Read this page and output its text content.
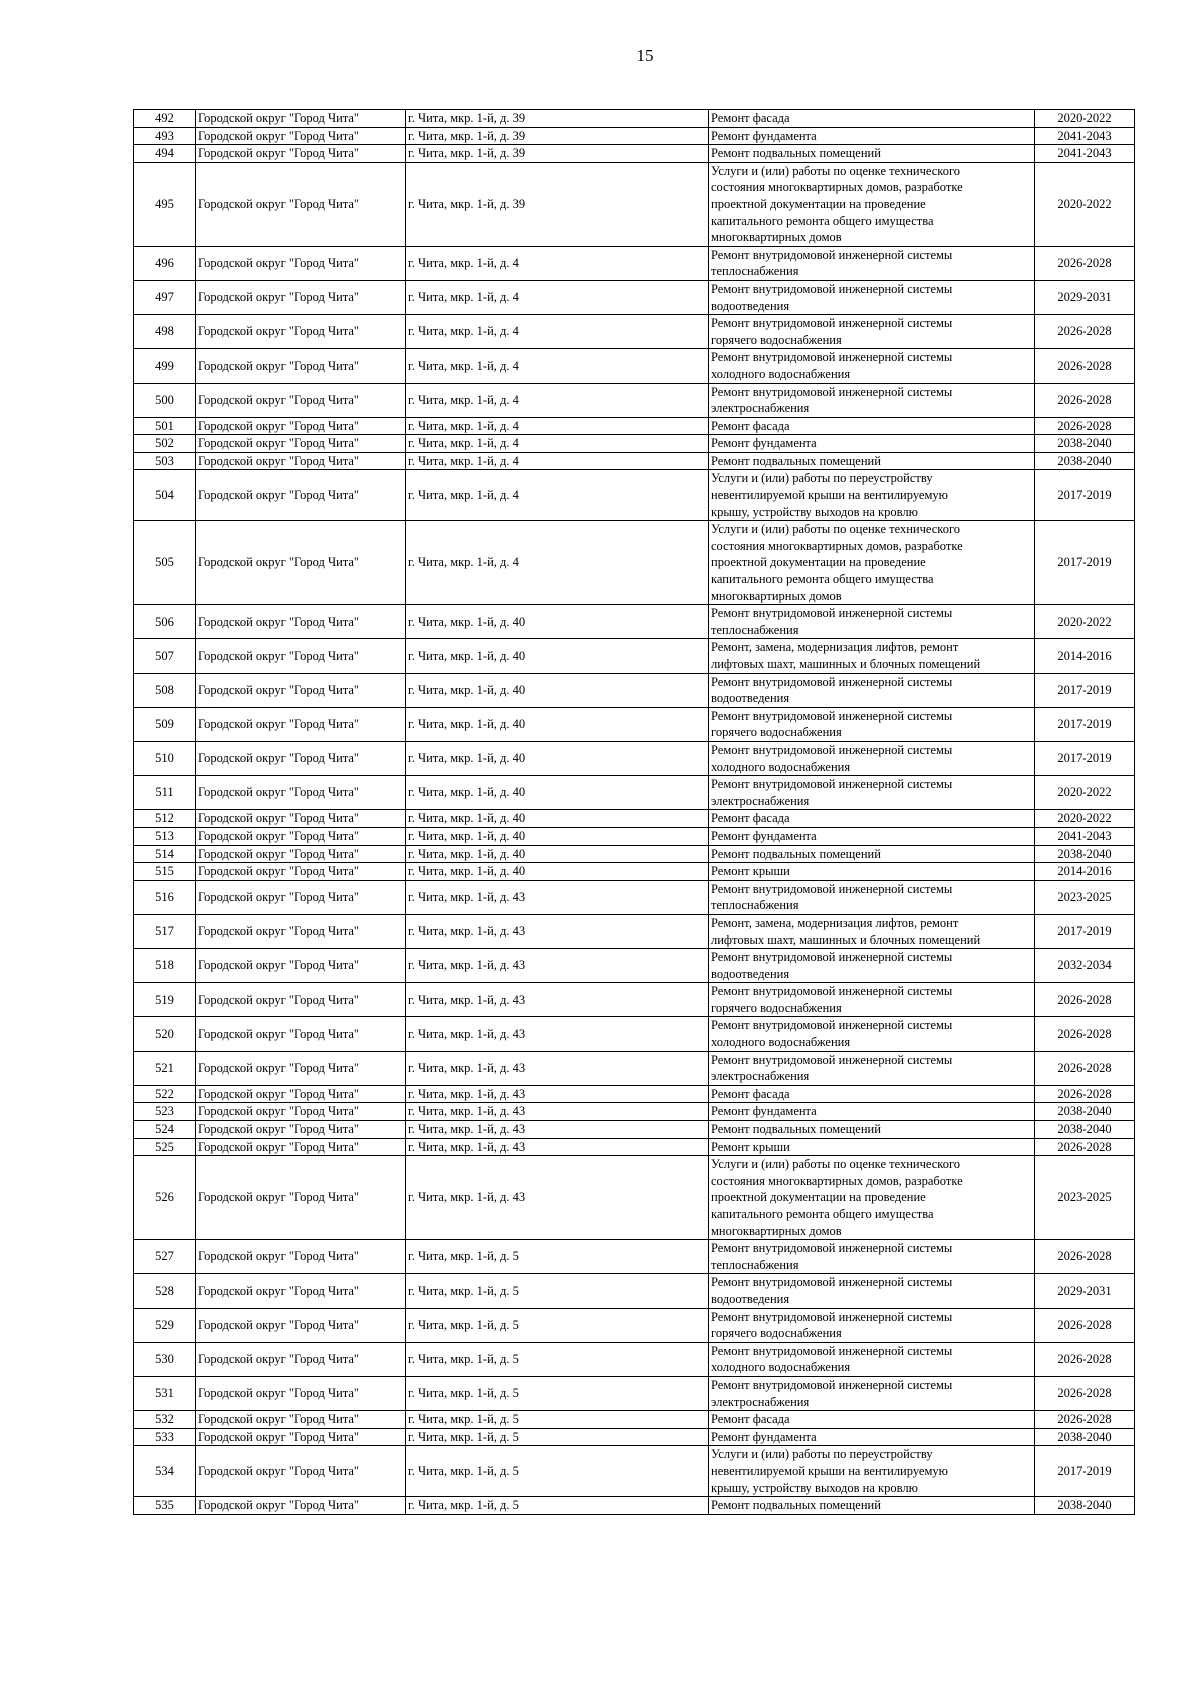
15
492	Городской округ "Город Чита"	г. Чита, мкр. 1-й, д. 39	Ремонт фасада	2020-2022
493	Городской округ "Город Чита"	г. Чита, мкр. 1-й, д. 39	Ремонт фундамента	2041-2043
494	Городской округ "Город Чита"	г. Чита, мкр. 1-й, д. 39	Ремонт подвальных помещений	2041-2043
495	Городской округ "Город Чита"	г. Чита, мкр. 1-й, д. 39	Услуги и (или) работы по оценке технического
состояния многоквартирных домов, разработке
проектной документации на проведение
капитального ремонта общего имущества
многоквартирных домов	2020-2022
496	Городской округ "Город Чита"	г. Чита, мкр. 1-й, д. 4	Ремонт внутридомовой инженерной системы
теплоснабжения	2026-2028
497	Городской округ "Город Чита"	г. Чита, мкр. 1-й, д. 4	Ремонт внутридомовой инженерной системы
водоотведения	2029-2031
498	Городской округ "Город Чита"	г. Чита, мкр. 1-й, д. 4	Ремонт внутридомовой инженерной системы
горячего водоснабжения	2026-2028
499	Городской округ "Город Чита"	г. Чита, мкр. 1-й, д. 4	Ремонт внутридомовой инженерной системы
холодного водоснабжения	2026-2028
500	Городской округ "Город Чита"	г. Чита, мкр. 1-й, д. 4	Ремонт внутридомовой инженерной системы
электроснабжения	2026-2028
501	Городской округ "Город Чита"	г. Чита, мкр. 1-й, д. 4	Ремонт фасада	2026-2028
502	Городской округ "Город Чита"	г. Чита, мкр. 1-й, д. 4	Ремонт фундамента	2038-2040
503	Городской округ "Город Чита"	г. Чита, мкр. 1-й, д. 4	Ремонт подвальных помещений	2038-2040
504	Городской округ "Город Чита"	г. Чита, мкр. 1-й, д. 4	Услуги и (или) работы по переустройству
невентилируемой крыши на вентилируемую
крышу, устройству выходов на кровлю	2017-2019
505	Городской округ "Город Чита"	г. Чита, мкр. 1-й, д. 4	Услуги и (или) работы по оценке технического
состояния многоквартирных домов, разработке
проектной документации на проведение
капитального ремонта общего имущества
многоквартирных домов	2017-2019
506	Городской округ "Город Чита"	г. Чита, мкр. 1-й, д. 40	Ремонт внутридомовой инженерной системы
теплоснабжения	2020-2022
507	Городской округ "Город Чита"	г. Чита, мкр. 1-й, д. 40	Ремонт, замена, модернизация лифтов, ремонт
лифтовых шахт, машинных и блочных помещений	2014-2016
508	Городской округ "Город Чита"	г. Чита, мкр. 1-й, д. 40	Ремонт внутридомовой инженерной системы
водоотведения	2017-2019
509	Городской округ "Город Чита"	г. Чита, мкр. 1-й, д. 40	Ремонт внутридомовой инженерной системы
горячего водоснабжения	2017-2019
510	Городской округ "Город Чита"	г. Чита, мкр. 1-й, д. 40	Ремонт внутридомовой инженерной системы
холодного водоснабжения	2017-2019
511	Городской округ "Город Чита"	г. Чита, мкр. 1-й, д. 40	Ремонт внутридомовой инженерной системы
электроснабжения	2020-2022
512	Городской округ "Город Чита"	г. Чита, мкр. 1-й, д. 40	Ремонт фасада	2020-2022
513	Городской округ "Город Чита"	г. Чита, мкр. 1-й, д. 40	Ремонт фундамента	2041-2043
514	Городской округ "Город Чита"	г. Чита, мкр. 1-й, д. 40	Ремонт подвальных помещений	2038-2040
515	Городской округ "Город Чита"	г. Чита, мкр. 1-й, д. 40	Ремонт крыши	2014-2016
516	Городской округ "Город Чита"	г. Чита, мкр. 1-й, д. 43	Ремонт внутридомовой инженерной системы
теплоснабжения	2023-2025
517	Городской округ "Город Чита"	г. Чита, мкр. 1-й, д. 43	Ремонт, замена, модернизация лифтов, ремонт
лифтовых шахт, машинных и блочных помещений	2017-2019
518	Городской округ "Город Чита"	г. Чита, мкр. 1-й, д. 43	Ремонт внутридомовой инженерной системы
водоотведения	2032-2034
519	Городской округ "Город Чита"	г. Чита, мкр. 1-й, д. 43	Ремонт внутридомовой инженерной системы
горячего водоснабжения	2026-2028
520	Городской округ "Город Чита"	г. Чита, мкр. 1-й, д. 43	Ремонт внутридомовой инженерной системы
холодного водоснабжения	2026-2028
521	Городской округ "Город Чита"	г. Чита, мкр. 1-й, д. 43	Ремонт внутридомовой инженерной системы
электроснабжения	2026-2028
522	Городской округ "Город Чита"	г. Чита, мкр. 1-й, д. 43	Ремонт фасада	2026-2028
523	Городской округ "Город Чита"	г. Чита, мкр. 1-й, д. 43	Ремонт фундамента	2038-2040
524	Городской округ "Город Чита"	г. Чита, мкр. 1-й, д. 43	Ремонт подвальных помещений	2038-2040
525	Городской округ "Город Чита"	г. Чита, мкр. 1-й, д. 43	Ремонт крыши	2026-2028
526	Городской округ "Город Чита"	г. Чита, мкр. 1-й, д. 43	Услуги и (или) работы по оценке технического
состояния многоквартирных домов, разработке
проектной документации на проведение
капитального ремонта общего имущества
многоквартирных домов	2023-2025
527	Городской округ "Город Чита"	г. Чита, мкр. 1-й, д. 5	Ремонт внутридомовой инженерной системы
теплоснабжения	2026-2028
528	Городской округ "Город Чита"	г. Чита, мкр. 1-й, д. 5	Ремонт внутридомовой инженерной системы
водоотведения	2029-2031
529	Городской округ "Город Чита"	г. Чита, мкр. 1-й, д. 5	Ремонт внутридомовой инженерной системы
горячего водоснабжения	2026-2028
530	Городской округ "Город Чита"	г. Чита, мкр. 1-й, д. 5	Ремонт внутридомовой инженерной системы
холодного водоснабжения	2026-2028
531	Городской округ "Город Чита"	г. Чита, мкр. 1-й, д. 5	Ремонт внутридомовой инженерной системы
электроснабжения	2026-2028
532	Городской округ "Город Чита"	г. Чита, мкр. 1-й, д. 5	Ремонт фасада	2026-2028
533	Городской округ "Город Чита"	г. Чита, мкр. 1-й, д. 5	Ремонт фундамента	2038-2040
534	Городской округ "Город Чита"	г. Чита, мкр. 1-й, д. 5	Услуги и (или) работы по переустройству
невентилируемой крыши на вентилируемую
крышу, устройству выходов на кровлю	2017-2019
535	Городской округ "Город Чита"	г. Чита, мкр. 1-й, д. 5	Ремонт подвальных помещений	2038-2040
